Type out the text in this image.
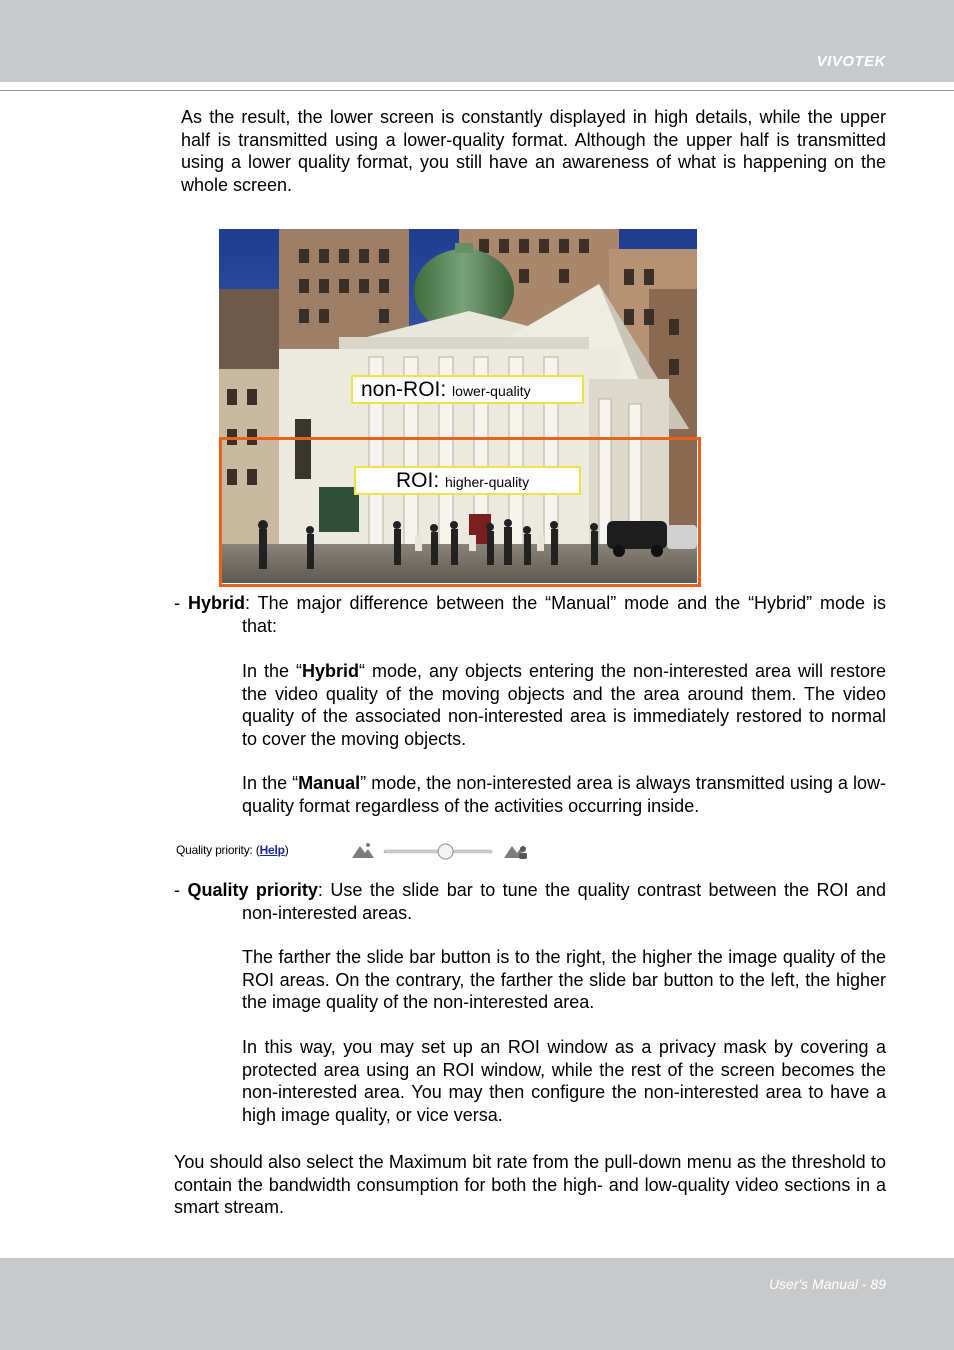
VIVOTEK
As the result, the lower screen is constantly displayed in high details, while the upper half is transmitted using a lower-quality format. Although the upper half is transmitted using a lower quality format, you still have an awareness of what is happening on the whole screen.
non-ROI: lower-quality
ROI: higher-quality
- Hybrid: The major difference between the “Manual” mode and the “Hybrid” mode is that:
In the “Hybrid“ mode, any objects entering the non-interested area will restore the video quality of the moving objects and the area around them. The video quality of the associated non-interested area is immediately restored to normal to cover the moving objects.
In the “Manual” mode, the non-interested area is always transmitted using a low-quality format regardless of the activities occurring inside.
Quality priority: (Help)
- Quality priority: Use the slide bar to tune the quality contrast between the ROI and non-interested areas.
The farther the slide bar button is to the right, the higher the image quality of the ROI areas. On the contrary, the farther the slide bar button to the left, the higher the image quality of the non-interested area.
In this way, you may set up an ROI window as a privacy mask by covering a protected area using an ROI window, while the rest of the screen becomes the non-interested area. You may then configure the non-interested area to have a high image quality, or vice versa.
You should also select the Maximum bit rate from the pull-down menu as the threshold to contain the bandwidth consumption for both the high- and low-quality video sections in a smart stream.
User's Manual - 89
